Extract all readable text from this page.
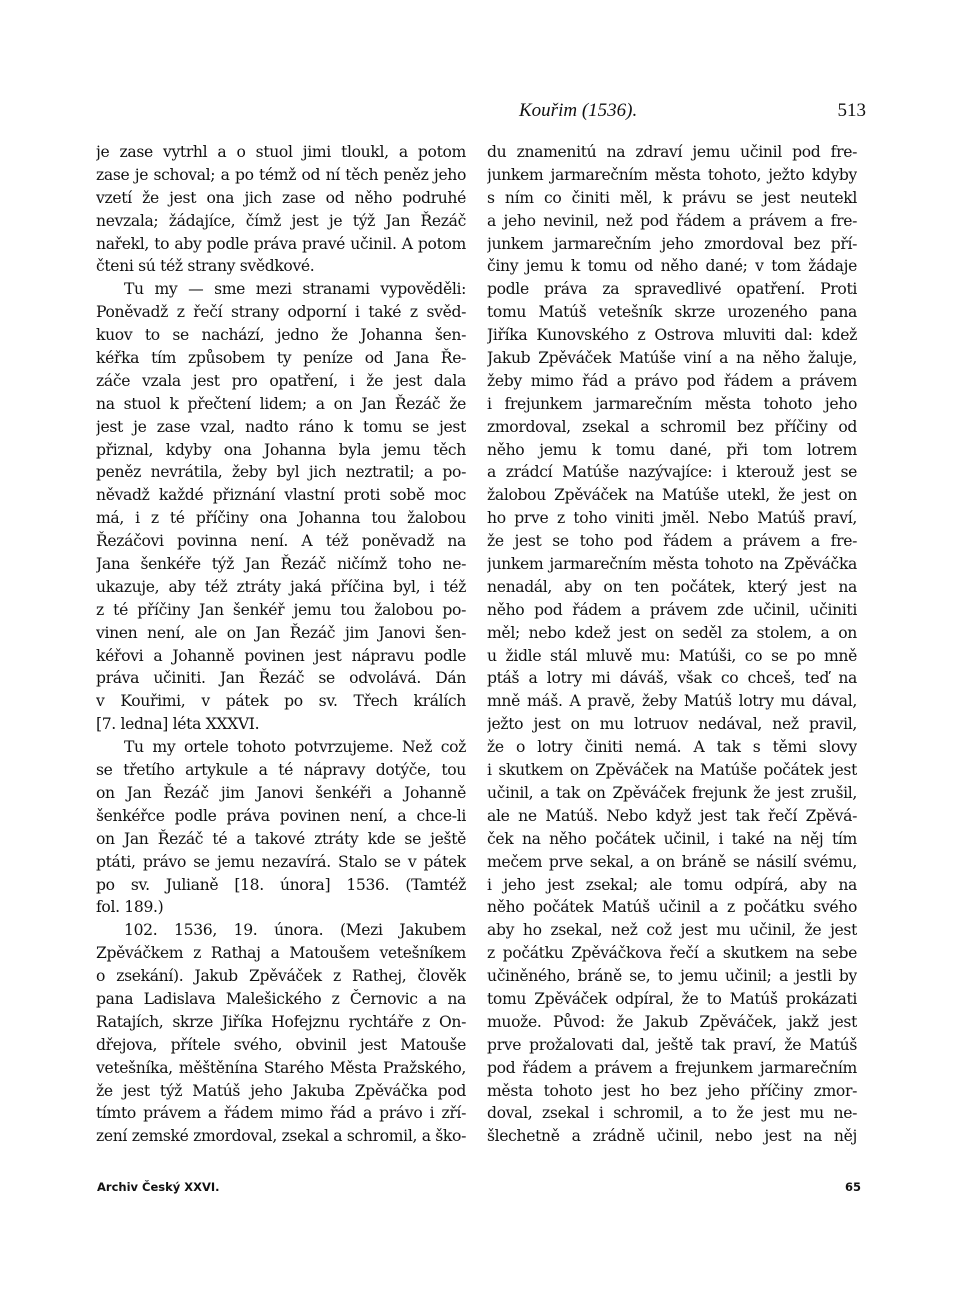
Kouřim (1536).	513
je zase vytrhl a o stuol jimi tloukl, a potom
zase je schoval; a po témž od ní těch peněz jeho
vzetí že jest ona jich zase od něho podruhé
nevzala; žádajíce, čímž jest je týž Jan Řezáč
nařekl, to aby podle práva pravé učinil. A potom
čteni sú též strany svědkové.
Tu my — sme mezi stranami vypověděli:
Poněvadž z řečí strany odporní i také z svěd-
kuov to se nachází, jedno že Johanna šen-
kéřka tím způsobem ty peníze od Jana Ře-
záče vzala jest pro opatření, i že jest dala
na stuol k přečtení lidem; a on Jan Řezáč že
jest je zase vzal, nadto ráno k tomu se jest
přiznal, kdyby ona Johanna byla jemu těch
peněz nevrátila, žeby byl jich neztratil; a po-
něvadž každé přiznání vlastní proti sobě moc
má, i z té příčiny ona Johanna tou žalobou
Řezáčovi povinna není. A též poněvadž na
Jana šenkéře týž Jan Řezáč ničímž toho ne-
ukazuje, aby též ztráty jaká příčina byl, i též
z té příčiny Jan šenkéř jemu tou žalobou po-
vinen není, ale on Jan Řezáč jim Janovi šen-
kéřovi a Johanně povinen jest nápravu podle
práva učiniti. Jan Řezáč se odvolává. Dán
v Kouřimi, v pátek po sv. Třech králích
[7. ledna] léta XXXVI.
Tu my ortele tohoto potvrzujeme. Než což
se třetího artykule a té nápravy dotýče, tou
on Jan Řezáč jim Janovi šenkéři a Johanně
šenkéřce podle práva povinen není, a chce-li
on Jan Řezáč té a takové ztráty kde se ještě
ptáti, právo se jemu nezavírá. Stalo se v pátek
po sv. Julianě [18. února] 1536. (Tamtéž
fol. 189.)
102. 1536, 19. února. (Mezi Jakubem
Zpěváčkem z Rathaj a Matoušem vetešníkem
o zsekání). Jakub Zpěváček z Rathej, člověk
pana Ladislava Malešického z Černovic a na
Ratajích, skrze Jiříka Hofejznu rychtáře z On-
dřejova, přítele svého, obvinil jest Matouše
vetešníka, měštěnína Starého Města Pražského,
že jest týž Matúš jeho Jakuba Zpěváčka pod
tímto právem a řádem mimo řád a právo i zří-
zení zemské zmordoval, zsekal a schromil, a ško-
du znamenitú na zdraví jemu učinil pod fre-
junkem jarmarečním města tohoto, ježto kdyby
s ním co činiti měl, k právu se jest neutekl
a jeho nevinil, než pod řádem a právem a fre-
junkem jarmarečním jeho zmordoval bez pří-
činy jemu k tomu od něho dané; v tom žádaje
podle práva za spravedlivé opatření. Proti
tomu Matúš vetešník skrze urozeného pana
Jiříka Kunovského z Ostrova mluviti dal: kdež
Jakub Zpěváček Matúše viní a na něho žaluje,
žeby mimo řád a právo pod řádem a právem
i frejunkem jarmarečním města tohoto jeho
zmordoval, zsekal a schromil bez příčiny od
něho jemu k tomu dané, při tom lotrem
a zrádcí Matúše nazývajíce: i kterouž jest se
žalobou Zpěváček na Matúše utekl, že jest on
ho prve z toho viniti jměl. Nebo Matúš praví,
že jest se toho pod řádem a právem a fre-
junkem jarmarečním města tohoto na Zpěváčka
nenadál, aby on ten počátek, který jest na
něho pod řádem a právem zde učinil, učiniti
měl; nebo kdež jest on seděl za stolem, a on
u židle stál mluvě mu: Matúši, co se po mně
ptáš a lotry mi dáváš, však co chceš, teď na
mně máš. A pravě, žeby Matúš lotry mu dával,
ježto jest on mu lotruov nedával, než pravil,
že o lotry činiti nemá. A tak s těmi slovy
i skutkem on Zpěváček na Matúše počátek jest
učinil, a tak on Zpěváček frejunk že jest zrušil,
ale ne Matúš. Nebo když jest tak řečí Zpěvá-
ček na něho počátek učinil, i také na něj tím
mečem prve sekal, a on bráně se násilí svému,
i jeho jest zsekal; ale tomu odpírá, aby na
něho počátek Matúš učinil a z počátku svého
aby ho zsekal, než což jest mu učinil, že jest
z počátku Zpěváčkova řečí a skutkem na sebe
učiněného, bráně se, to jemu učinil; a jestli by
tomu Zpěváček odpíral, že to Matúš prokázati
muože. Původ: že Jakub Zpěváček, jakž jest
prve prožalovati dal, ještě tak praví, že Matúš
pod řádem a právem a frejunkem jarmarečním
města tohoto jest ho bez jeho příčiny zmor-
doval, zsekal i schromil, a to že jest mu ne-
šlechetně a zrádně učinil, nebo jest na něj
Archiv Český XXVI.	65
